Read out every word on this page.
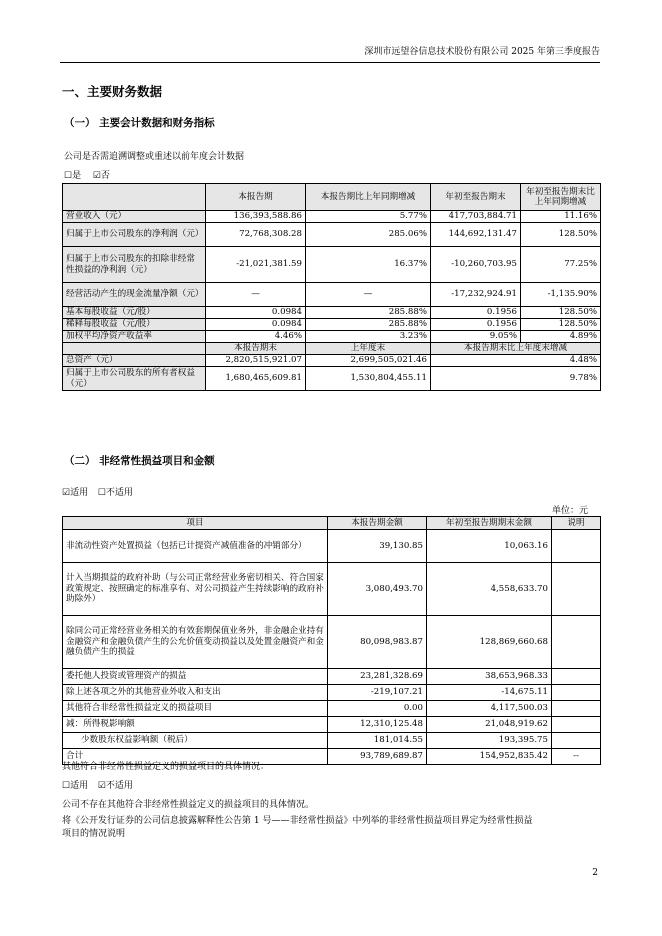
深圳市远望谷信息技术股份有限公司 2025 年第三季度报告
一、主要财务数据
（一） 主要会计数据和财务指标
公司是否需追溯调整或重述以前年度会计数据
☐是 ☑否
	本报告期	本报告期比上年同期增减	年初至报告期末	年初至报告期末比上年同期增减
营业收入（元）	136,393,588.86	5.77%	417,703,884.71	11.16%
归属于上市公司股东的净利润（元）	72,768,308.28	285.06%	144,692,131.47	128.50%
归属于上市公司股东的扣除非经常性损益的净利润（元）	-21,021,381.59	16.37%	-10,260,703.95	77.25%
经营活动产生的现金流量净额（元）	—	—	-17,232,924.91	-1,135.90%
基本每股收益（元/股）	0.0984	285.88%	0.1956	128.50%
稀释每股收益（元/股）	0.0984	285.88%	0.1956	128.50%
加权平均净资产收益率	4.46%	3.23%	9.05%	4.89%
	本报告期末	上年度末	本报告期末比上年度末增减	
总资产（元）	2,820,515,921.07	2,699,505,021.46	4.48%	
归属于上市公司股东的所有者权益（元）	1,680,465,609.81	1,530,804,455.11	9.78%	
（二） 非经常性损益项目和金额
☑适用 ☐不适用
单位：元
项目	本报告期金额	年初至报告期期末金额	说明
非流动性资产处置损益（包括已计提资产减值准备的冲销部分）	39,130.85	10,063.16	
计入当期损益的政府补助（与公司正常经营业务密切相关、符合国家政策规定、按照确定的标准享有、对公司损益产生持续影响的政府补助除外）	3,080,493.70	4,558,633.70	
除同公司正常经营业务相关的有效套期保值业务外，非金融企业持有金融资产和金融负债产生的公允价值变动损益以及处置金融资产和金融负债产生的损益	80,098,983.87	128,869,660.68	
委托他人投资或管理资产的损益	23,281,328.69	38,653,968.33	
除上述各项之外的其他营业外收入和支出	-219,107.21	-14,675.11	
其他符合非经常性损益定义的损益项目	0.00	4,117,500.03	
减：所得税影响额	12,310,125.48	21,048,919.62	
少数股东权益影响额（税后）	181,014.55	193,395.75	
合计	93,789,689.87	154,952,835.42	--
其他符合非经常性损益定义的损益项目的具体情况：
☐适用 ☑不适用
公司不存在其他符合非经常性损益定义的损益项目的具体情况。
将《公开发行证券的公司信息披露解释性公告第 1 号——非经常性损益》中列举的非经常性损益项目界定为经常性损益
项目的情况说明
2
